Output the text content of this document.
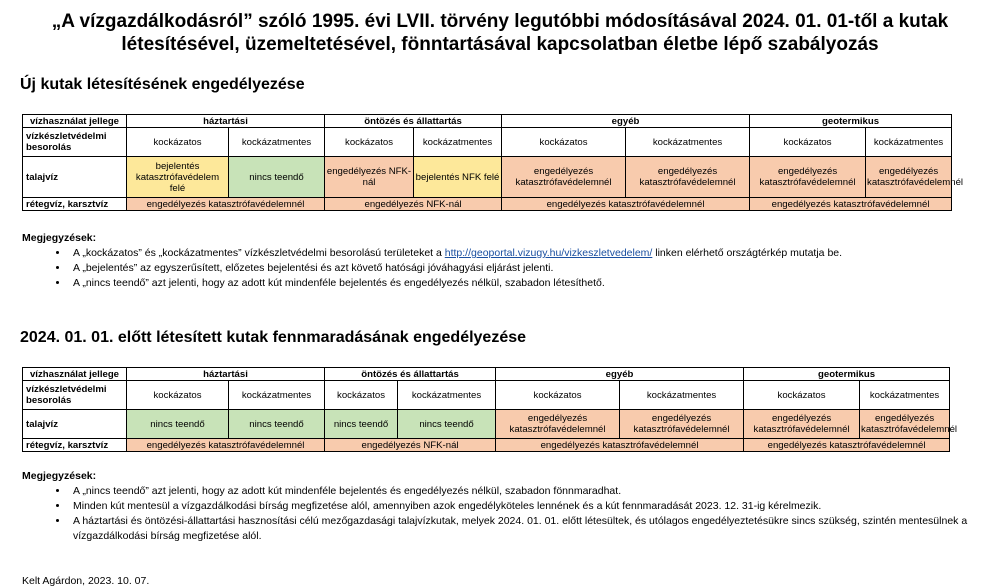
„A vízgazdálkodásról” szóló 1995. évi LVII. törvény legutóbbi módosításával 2024. 01. 01-től a kutak
létesítésével, üzemeltetésével, fönntartásával kapcsolatban életbe lépő szabályozás
Új kutak létesítésének engedélyezése
vízhasználat jellege	háztartási		öntözés és állattartás		egyéb		geotermikus	
vízkészletvédelmi besorolás	kockázatos	kockázatmentes	kockázatos	kockázatmentes	kockázatos	kockázatmentes	kockázatos	kockázatmentes
talajvíz	bejelentés katasztrófavédelem felé	nincs teendő	engedélyezés NFK-nál	bejelentés NFK felé	engedélyezés katasztrófavédelemnél	engedélyezés katasztrófavédelemnél	engedélyezés katasztrófavédelemnél	engedélyezés katasztrófavédelemnél
rétegvíz, karsztvíz	engedélyezés katasztrófavédelemnél		engedélyezés NFK-nál		engedélyezés katasztrófavédelemnél		engedélyezés katasztrófavédelemnél	
Megjegyzések:
• A „kockázatos” és „kockázatmentes” vízkészletvédelmi besorolású területeket a http://geoportal.vizugy.hu/vizkeszletvedelem/ linken elérhető országtérkép mutatja be.
• A „bejelentés” az egyszerűsített, előzetes bejelentési és azt követő hatósági jóváhagyási eljárást jelenti.
• A „nincs teendő” azt jelenti, hogy az adott kút mindenféle bejelentés és engedélyezés nélkül, szabadon létesíthető.
2024. 01. 01. előtt létesített kutak fennmaradásának engedélyezése
vízhasználat jellege	háztartási		öntözés és állattartás		egyéb		geotermikus	
vízkészletvédelmi besorolás	kockázatos	kockázatmentes	kockázatos	kockázatmentes	kockázatos	kockázatmentes	kockázatos	kockázatmentes
talajvíz	nincs teendő	nincs teendő	nincs teendő	nincs teendő	engedélyezés katasztrófavédelemnél	engedélyezés katasztrófavédelemnél	engedélyezés katasztrófavédelemnél	engedélyezés katasztrófavédelemnél
rétegvíz, karsztvíz	engedélyezés katasztrófavédelemnél		engedélyezés NFK-nál		engedélyezés katasztrófavédelemnél		engedélyezés katasztrófavédelemnél	
Megjegyzések:
• A „nincs teendő” azt jelenti, hogy az adott kút mindenféle bejelentés és engedélyezés nélkül, szabadon fönnmaradhat.
• Minden kút mentesül a vízgazdálkodási bírság megfizetése alól, amennyiben azok engedélyköteles lennének és a kút fennmaradását 2023. 12. 31-ig kérelmezik.
• A háztartási és öntözési-állattartási hasznosítási célú mezőgazdasági talajvízkutak, melyek 2024. 01. 01. előtt létesültek, és utólagos engedélyeztetésükre sincs szükség, szintén mentesülnek a vízgazdálkodási bírság megfizetése alól.
Kelt Agárdon, 2023. 10. 07.
